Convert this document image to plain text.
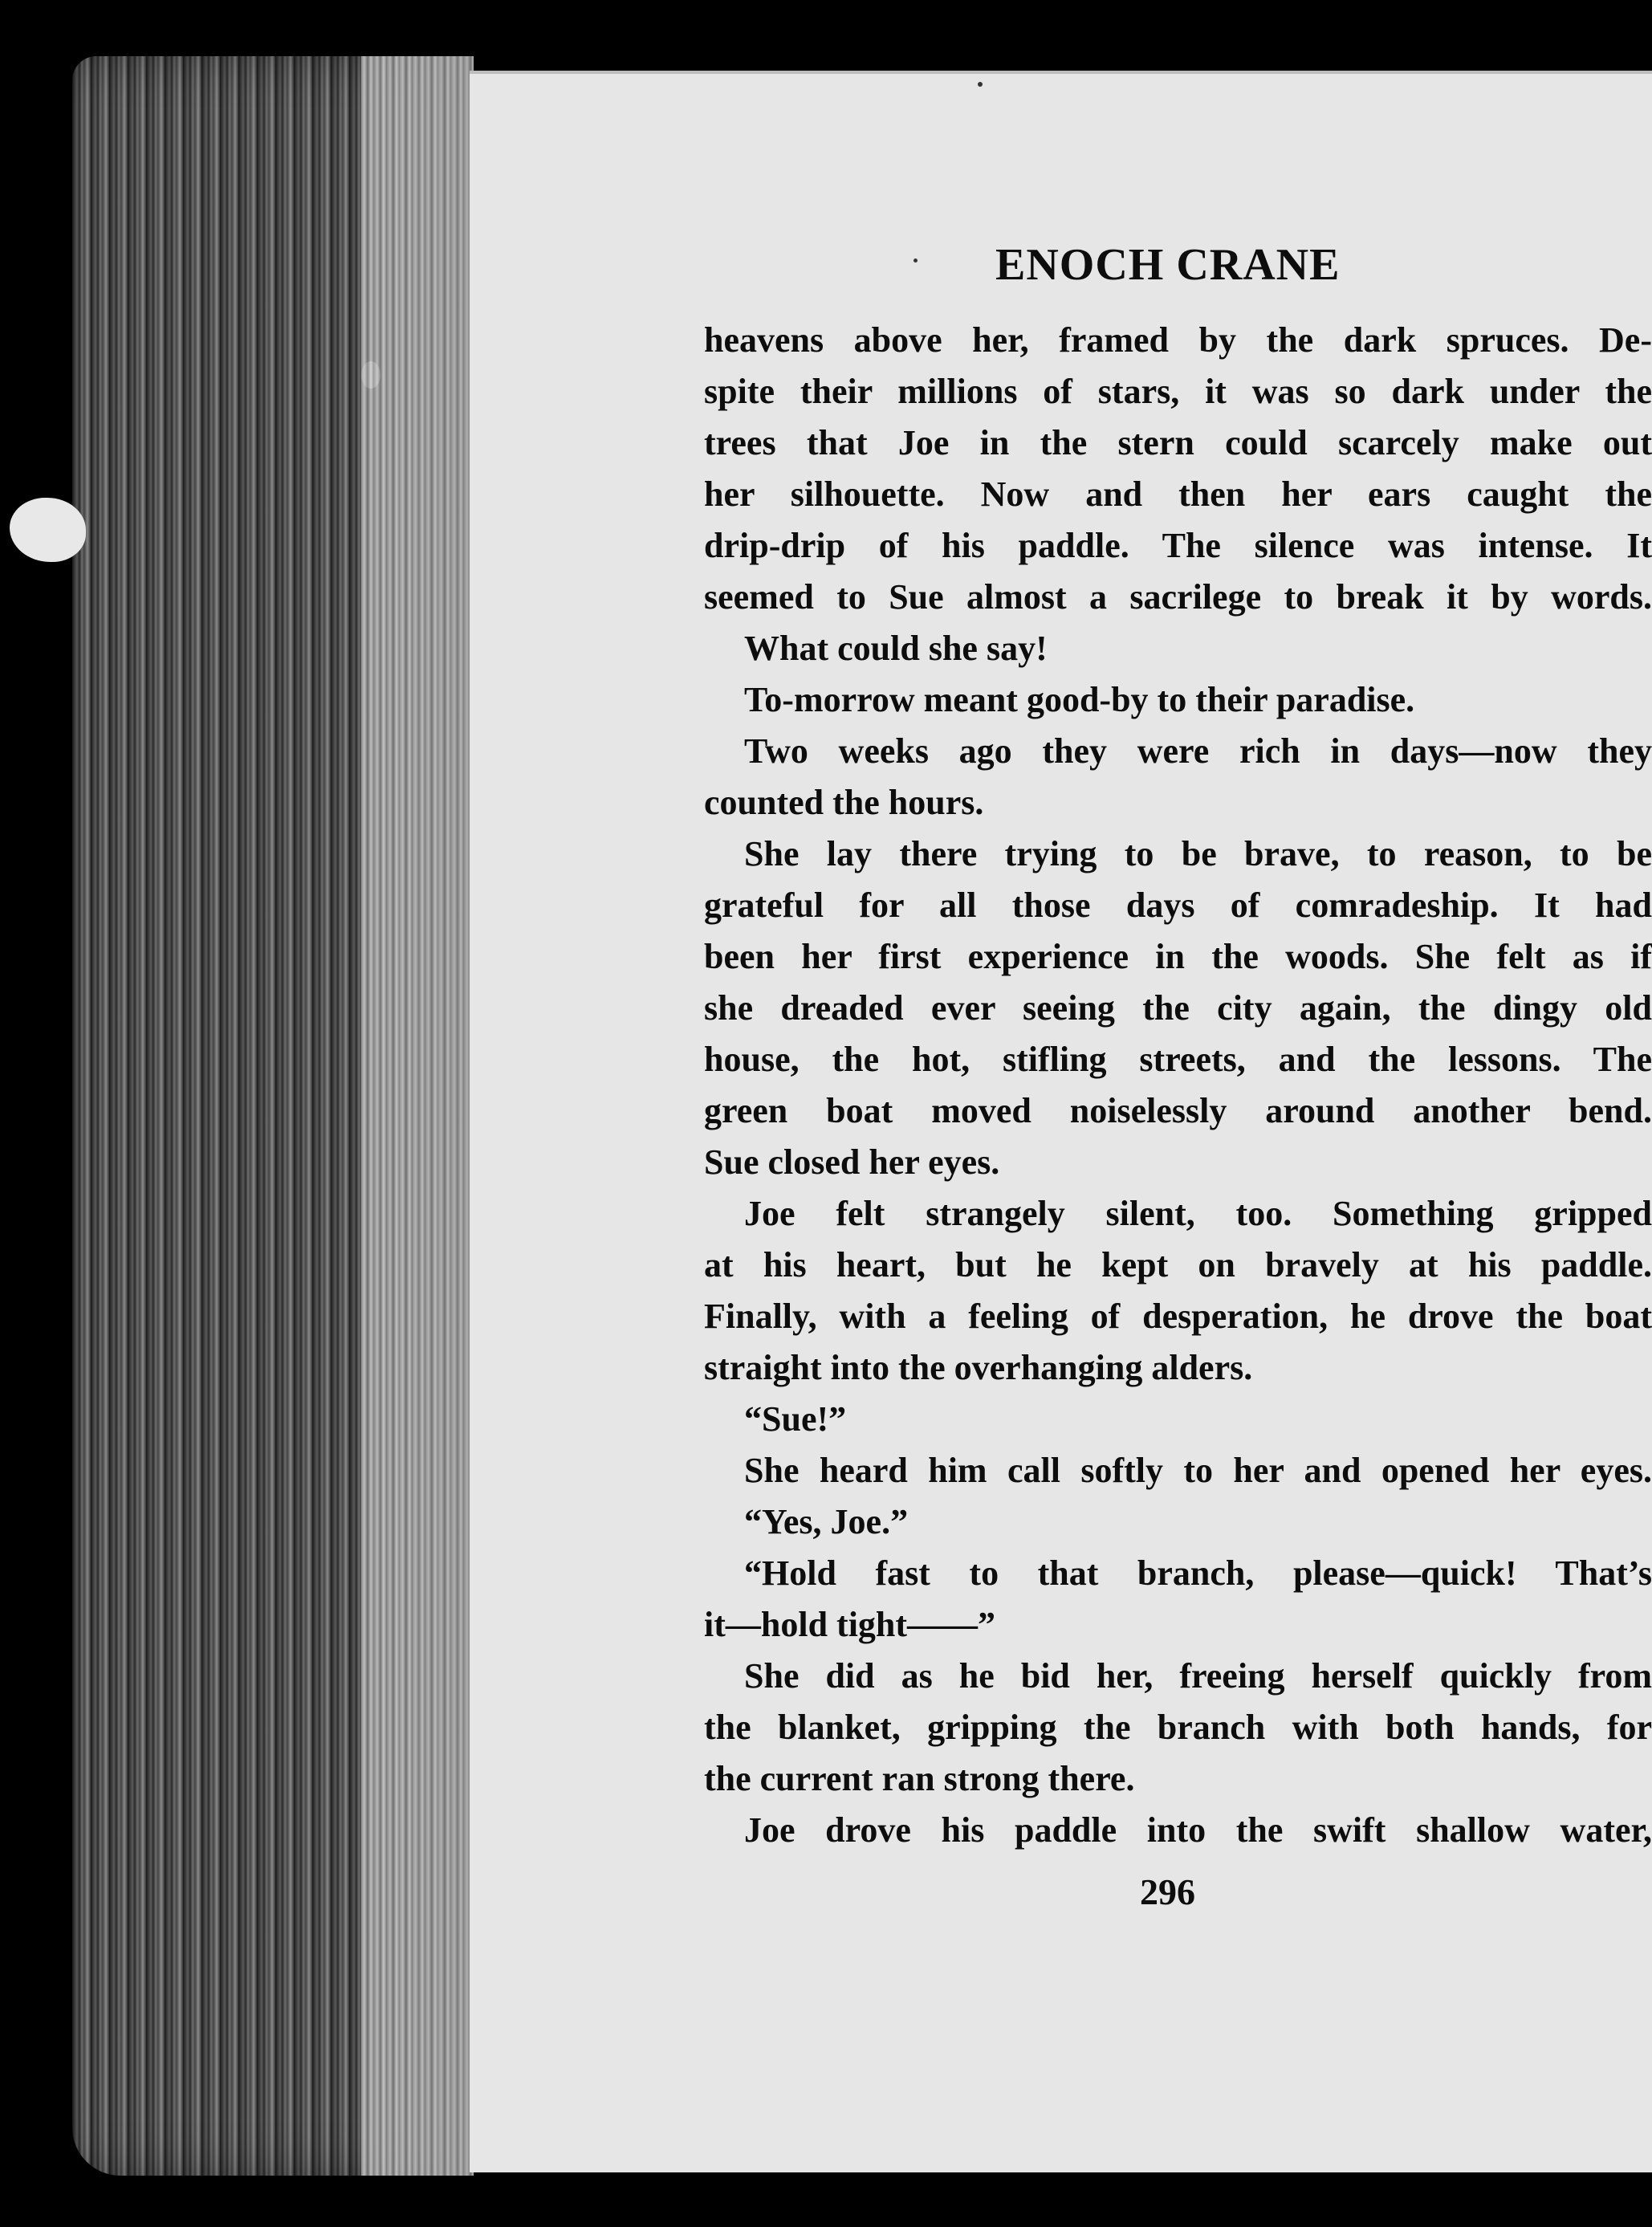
ENOCH CRANE
heavens above her, framed by the dark spruces. De-
spite their millions of stars, it was so dark under the
trees that Joe in the stern could scarcely make out
her silhouette. Now and then her ears caught the
drip-drip of his paddle. The silence was intense. It
seemed to Sue almost a sacrilege to break it by words.
What could she say!
To-morrow meant good-by to their paradise.
Two weeks ago they were rich in days—now they
counted the hours.
She lay there trying to be brave, to reason, to be
grateful for all those days of comradeship. It had
been her first experience in the woods. She felt as if
she dreaded ever seeing the city again, the dingy old
house, the hot, stifling streets, and the lessons. The
green boat moved noiselessly around another bend.
Sue closed her eyes.
Joe felt strangely silent, too. Something gripped
at his heart, but he kept on bravely at his paddle.
Finally, with a feeling of desperation, he drove the boat
straight into the overhanging alders.
“Sue!”
She heard him call softly to her and opened her eyes.
“Yes, Joe.”
“Hold fast to that branch, please—quick! That’s
it—hold tight——”
She did as he bid her, freeing herself quickly from
the blanket, gripping the branch with both hands, for
the current ran strong there.
Joe drove his paddle into the swift shallow water,
296
